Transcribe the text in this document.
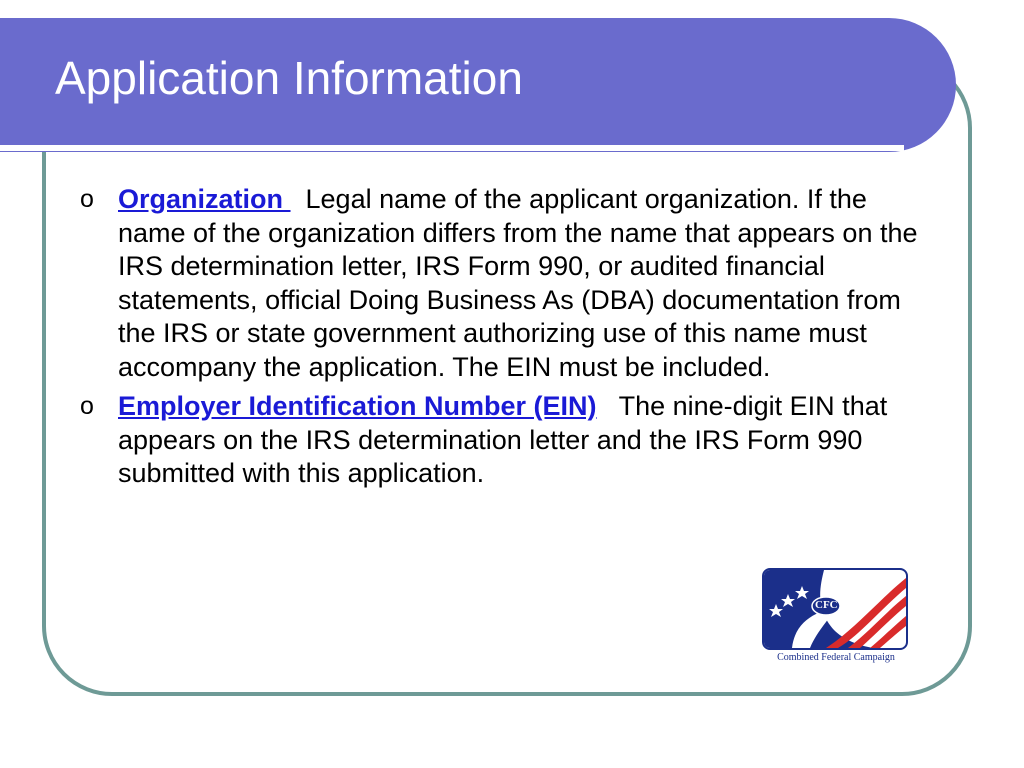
Application Information
o Organization   Legal name of the applicant organization. If the name of the organization differs from the name that appears on the IRS determination letter, IRS Form 990, or audited financial statements, official Doing Business As (DBA) documentation from the IRS or state government authorizing use of this name must accompany the application. The EIN must be included.
o Employer Identification Number (EIN)   The nine-digit EIN that appears on the IRS determination letter and the IRS Form 990 submitted with this application.
CFC
Combined Federal Campaign
